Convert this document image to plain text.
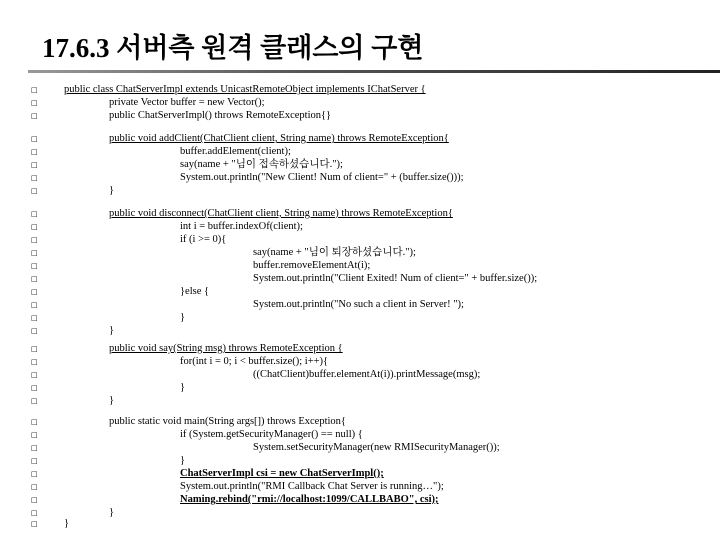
17.6.3 서버측 원격 클래스의 구현
□	public class ChatServerImpl extends UnicastRemoteObject implements IChatServer {
□	private Vector buffer = new Vector();
□	public ChatServerImpl() throws RemoteException{}
□	public void addClient(ChatClient client, String name) throws RemoteException{
□	buffer.addElement(client);
□	say(name + "님이 접속하셨습니다.");
□	System.out.println("New Client! Num of client=" + (buffer.size()));
□	}
□	public void disconnect(ChatClient client, String name) throws RemoteException{
□	int i = buffer.indexOf(client);
□	if (i >= 0){
□	say(name + "님이 퇴장하셨습니다.");
□	buffer.removeElementAt(i);
□	System.out.println("Client Exited! Num of client=" + buffer.size());
□	}else {
□	System.out.println("No such a client in Server! ");
□	}
□	}
□	public void say(String msg) throws RemoteException {
□	for(int i = 0; i < buffer.size(); i++){
□	((ChatClient)buffer.elementAt(i)).printMessage(msg);
□	}
□	}
□	public static void main(String args[]) throws Exception{
□	if (System.getSecurityManager() == null) {
□	System.setSecurityManager(new RMISecurityManager());
□	}
□	ChatServerImpl csi = new ChatServerImpl();
□	System.out.println("RMI Callback Chat Server is running…");
□	Naming.rebind("rmi://localhost:1099/CALLBABO", csi);
□	}
□	}
